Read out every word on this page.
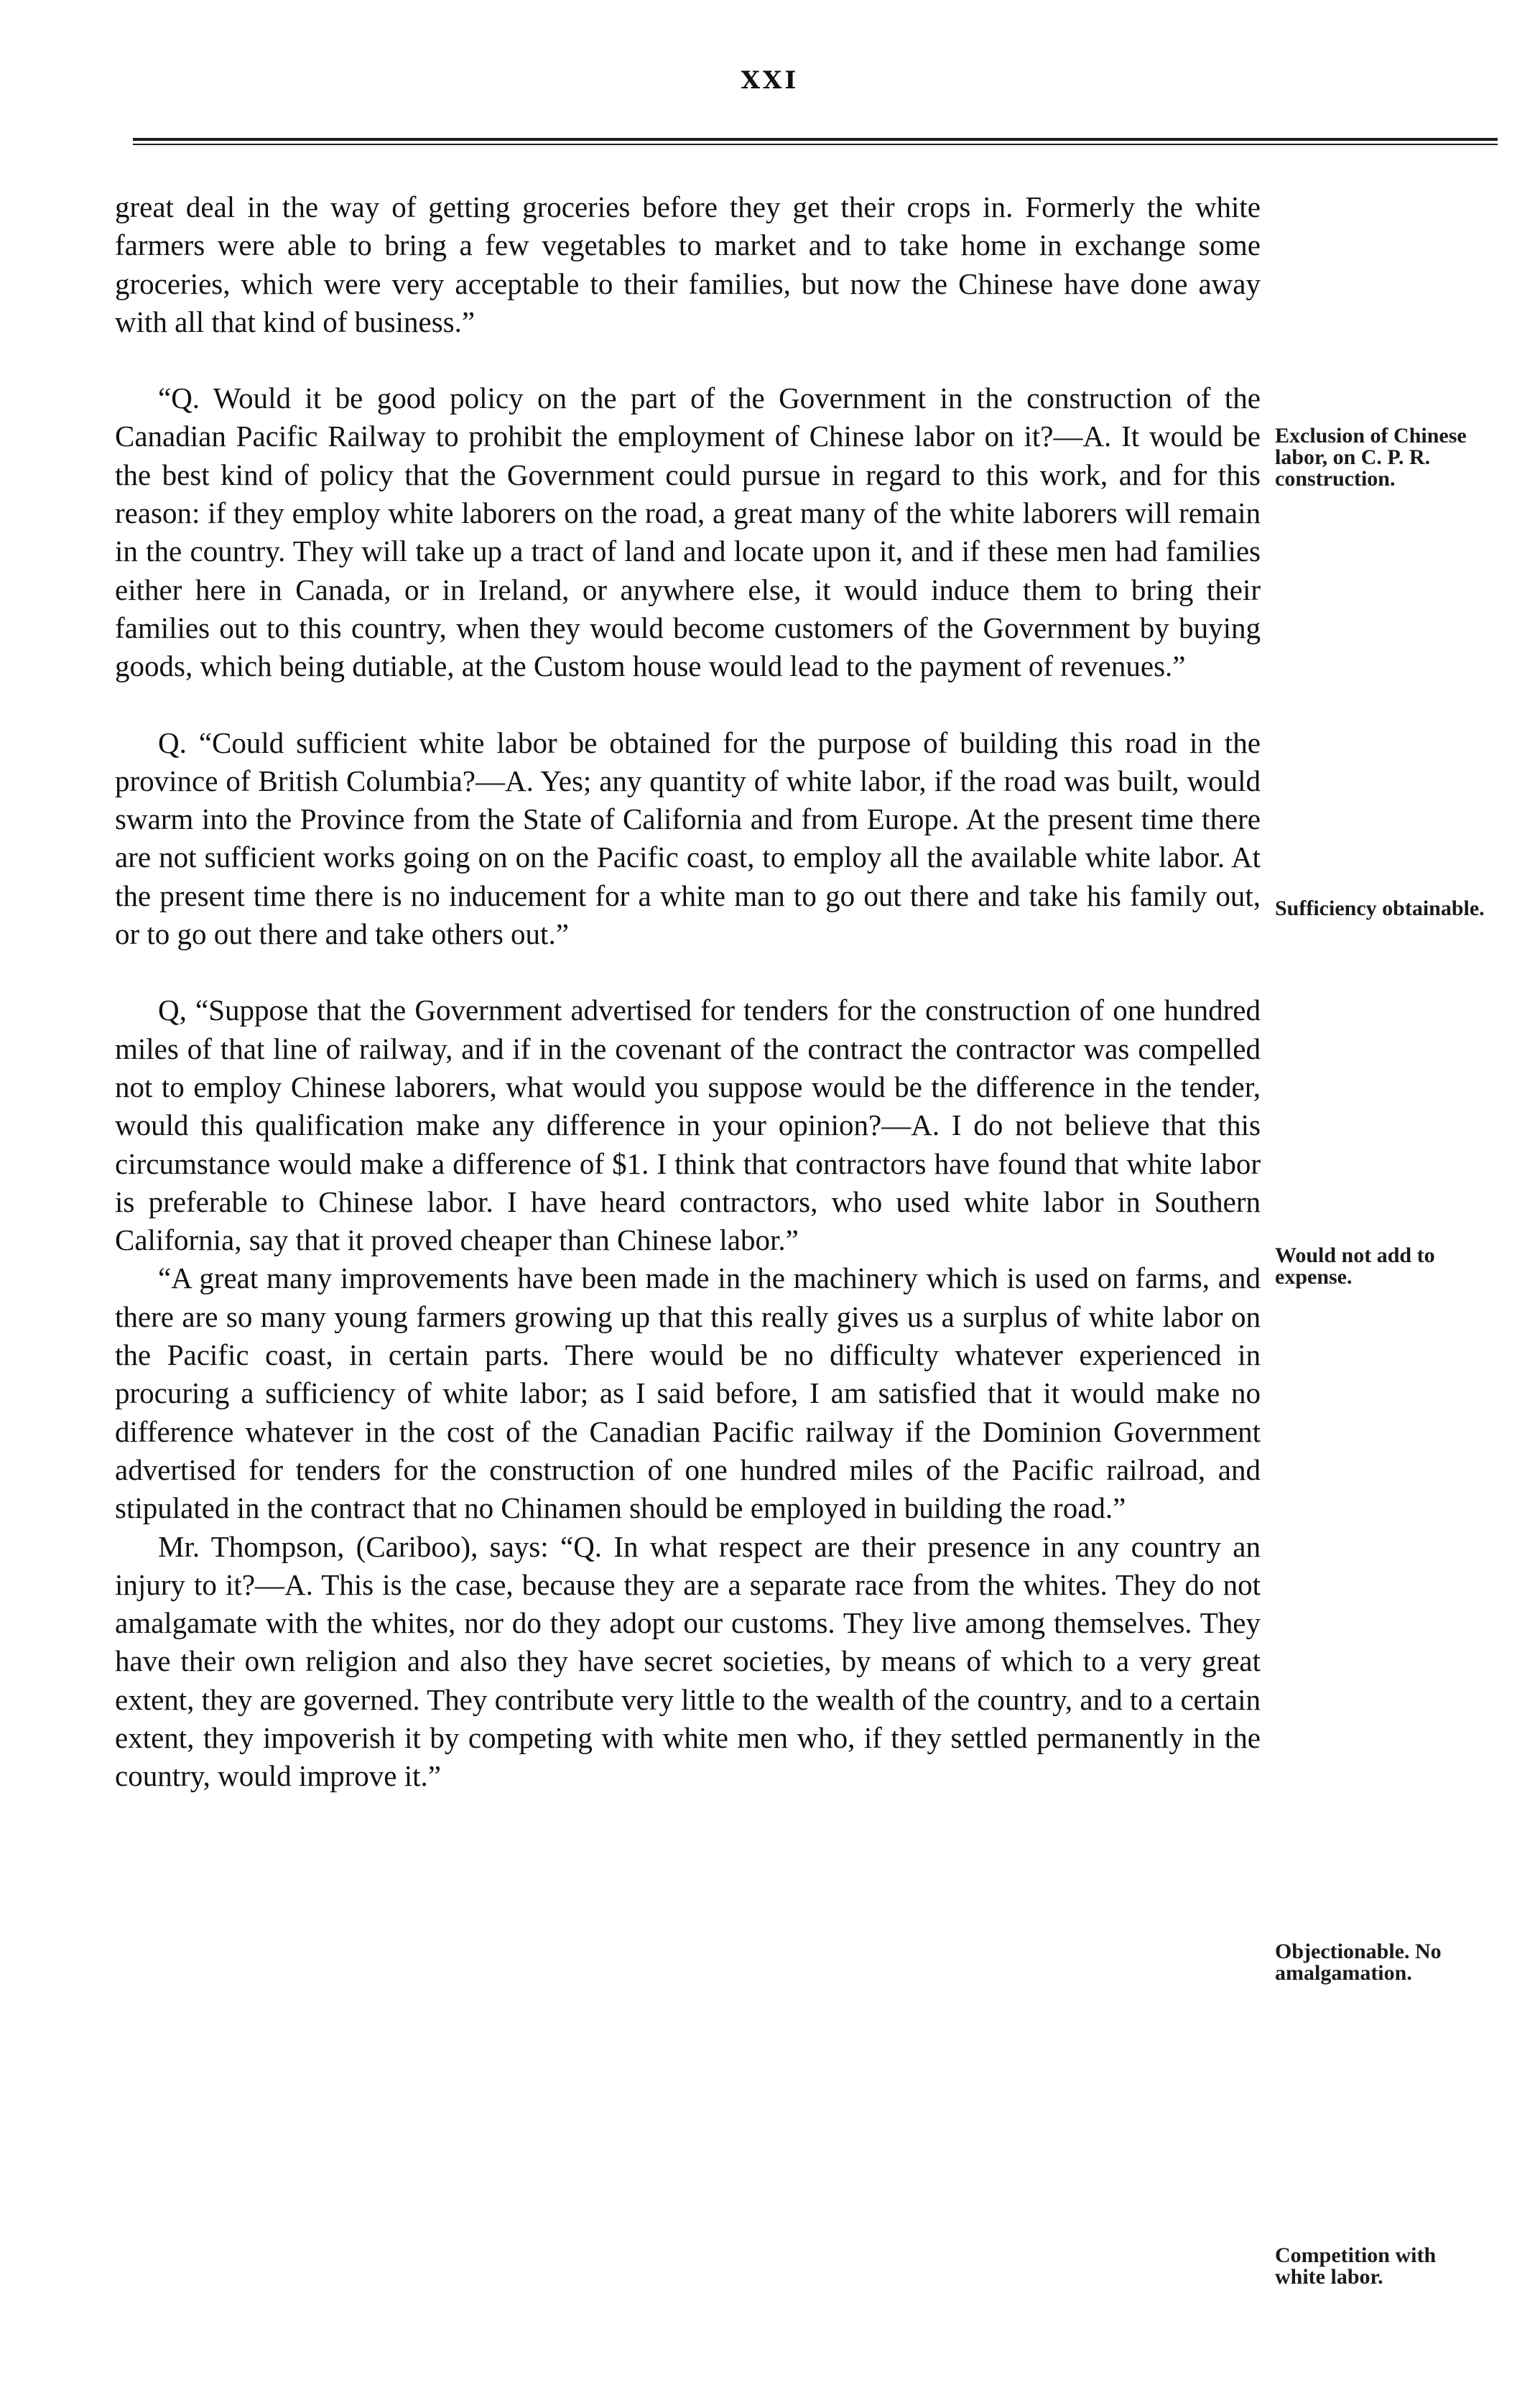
XXI

great deal in the way of getting groceries before they get their crops in. Formerly the white farmers were able to bring a few vegetables to market and to take home in exchange some groceries, which were very acceptable to their families, but now the Chinese have done away with all that kind of business.”

“Q. Would it be good policy on the part of the Government in the construction of the Canadian Pacific Railway to prohibit the employment of Chinese labor on it?—A. It would be the best kind of policy that the Government could pursue in regard to this work, and for this reason: if they employ white laborers on the road, a great many of the white laborers will remain in the country. They will take up a tract of land and locate upon it, and if these men had families either here in Canada, or in Ireland, or anywhere else, it would induce them to bring their families out to this country, when they would become customers of the Government by buying goods, which being dutiable, at the Custom house would lead to the payment of revenues.”

Q. “Could sufficient white labor be obtained for the purpose of building this road in the province of British Columbia?—A. Yes; any quantity of white labor, if the road was built, would swarm into the Province from the State of California and from Europe. At the present time there are not sufficient works going on on the Pacific coast, to employ all the available white labor. At the present time there is no inducement for a white man to go out there and take his family out, or to go out there and take others out.”

Q, “Suppose that the Government advertised for tenders for the construction of one hundred miles of that line of railway, and if in the covenant of the contract the contractor was compelled not to employ Chinese laborers, what would you suppose would be the difference in the tender, would this qualification make any difference in your opinion?—A. I do not believe that this circumstance would make a difference of $1. I think that contractors have found that white labor is preferable to Chinese labor. I have heard contractors, who used white labor in Southern California, say that it proved cheaper than Chinese labor.”

“A great many improvements have been made in the machinery which is used on farms, and there are so many young farmers growing up that this really gives us a surplus of white labor on the Pacific coast, in certain parts. There would be no difficulty whatever experienced in procuring a sufficiency of white labor; as I said before, I am satisfied that it would make no difference whatever in the cost of the Canadian Pacific railway if the Dominion Government advertised for tenders for the construction of one hundred miles of the Pacific railroad, and stipulated in the contract that no Chinamen should be employed in building the road.”

Mr. Thompson, (Cariboo), says: “Q. In what respect are their presence in any country an injury to it?—A. This is the case, because they are a separate race from the whites. They do not amalgamate with the whites, nor do they adopt our customs. They live among themselves. They have their own religion and also they have secret societies, by means of which to a very great extent, they are governed. They contribute very little to the wealth of the country, and to a certain extent, they impoverish it by competing with white men who, if they settled permanently in the country, would improve it.”

Exclusion of Chinese labor, on C. P. R. construction.
Sufficiency obtainable.
Would not add to expense.
Objectionable. No amalgamation.
Competition with white labor.
